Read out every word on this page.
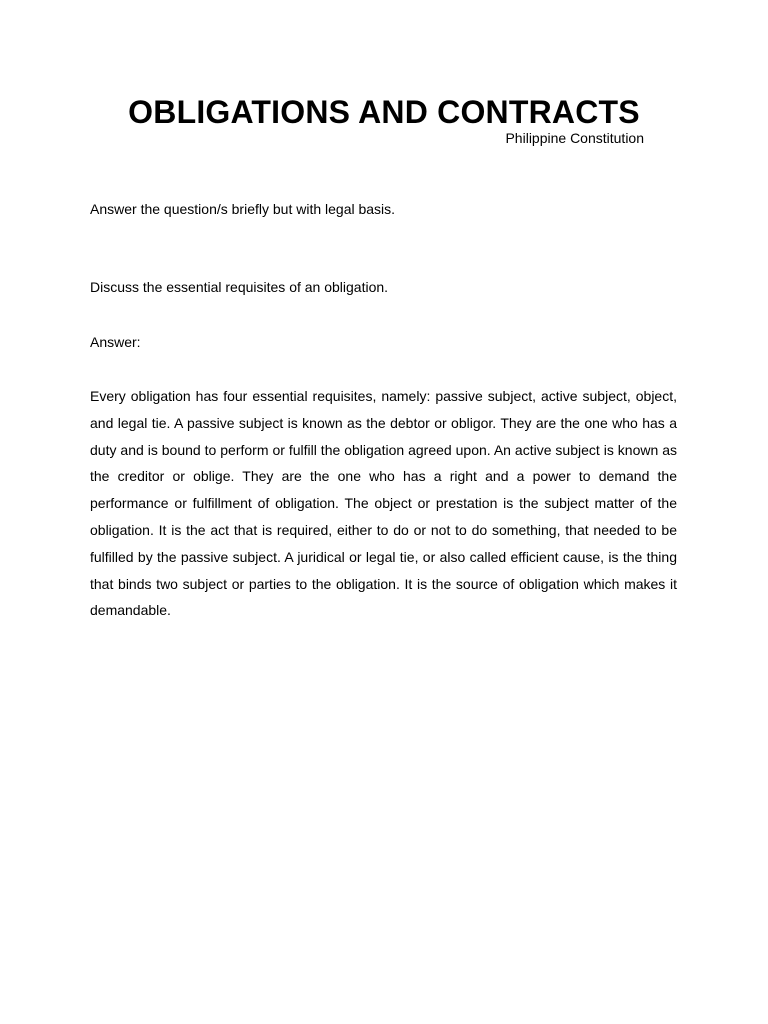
OBLIGATIONS AND CONTRACTS
Philippine Constitution

Answer the question/s briefly but with legal basis.

Discuss the essential requisites of an obligation.

Answer:

Every obligation has four essential requisites, namely: passive subject, active subject, object, and legal tie. A passive subject is known as the debtor or obligor. They are the one who has a duty and is bound to perform or fulfill the obligation agreed upon. An active subject is known as the creditor or oblige. They are the one who has a right and a power to demand the performance or fulfillment of obligation. The object or prestation is the subject matter of the obligation. It is the act that is required, either to do or not to do something, that needed to be fulfilled by the passive subject. A juridical or legal tie, or also called efficient cause, is the thing that binds two subject or parties to the obligation. It is the source of obligation which makes it demandable.
